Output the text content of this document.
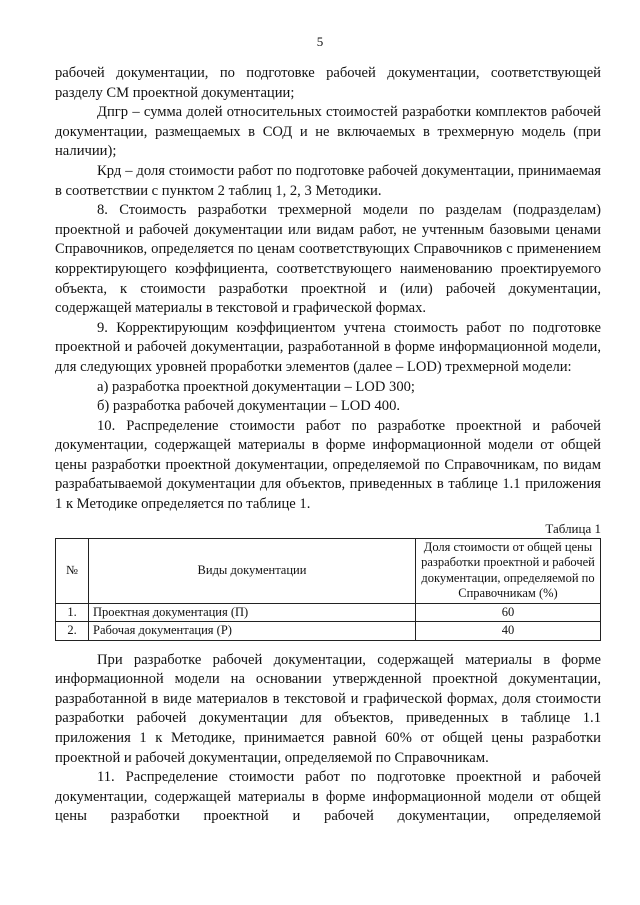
5

рабочей документации, по подготовке рабочей документации, соответствующей разделу СМ проектной документации;

Дпгр – сумма долей относительных стоимостей разработки комплектов рабочей документации, размещаемых в СОД и не включаемых в трехмерную модель (при наличии);

Крд – доля стоимости работ по подготовке рабочей документации, принимаемая в соответствии с пунктом 2 таблиц 1, 2, 3 Методики.

8. Стоимость разработки трехмерной модели по разделам (подразделам) проектной и рабочей документации или видам работ, не учтенным базовыми ценами Справочников, определяется по ценам соответствующих Справочников с применением корректирующего коэффициента, соответствующего наименованию проектируемого объекта, к стоимости разработки проектной и (или) рабочей документации, содержащей материалы в текстовой и графической формах.

9. Корректирующим коэффициентом учтена стоимость работ по подготовке проектной и рабочей документации, разработанной в форме информационной модели, для следующих уровней проработки элементов (далее – LOD) трехмерной модели:

а) разработка проектной документации – LOD 300;

б) разработка рабочей документации – LOD 400.

10. Распределение стоимости работ по разработке проектной и рабочей документации, содержащей материалы в форме информационной модели от общей цены разработки проектной документации, определяемой по Справочникам, по видам разрабатываемой документации для объектов, приведенных в таблице 1.1 приложения 1 к Методике определяется по таблице 1.

Таблица 1
№	Виды документации	Доля стоимости от общей цены разработки проектной и рабочей документации, определяемой по Справочникам (%)
1.	Проектная документация (П)	60
2.	Рабочая документация (Р)	40

При разработке рабочей документации, содержащей материалы в форме информационной модели на основании утвержденной проектной документации, разработанной в виде материалов в текстовой и графической формах, доля стоимости разработки рабочей документации для объектов, приведенных в таблице 1.1 приложения 1 к Методике, принимается равной 60% от общей цены разработки проектной и рабочей документации, определяемой по Справочникам.

11. Распределение стоимости работ по подготовке проектной и рабочей документации, содержащей материалы в форме информационной модели от общей цены разработки проектной и рабочей документации, определяемой
